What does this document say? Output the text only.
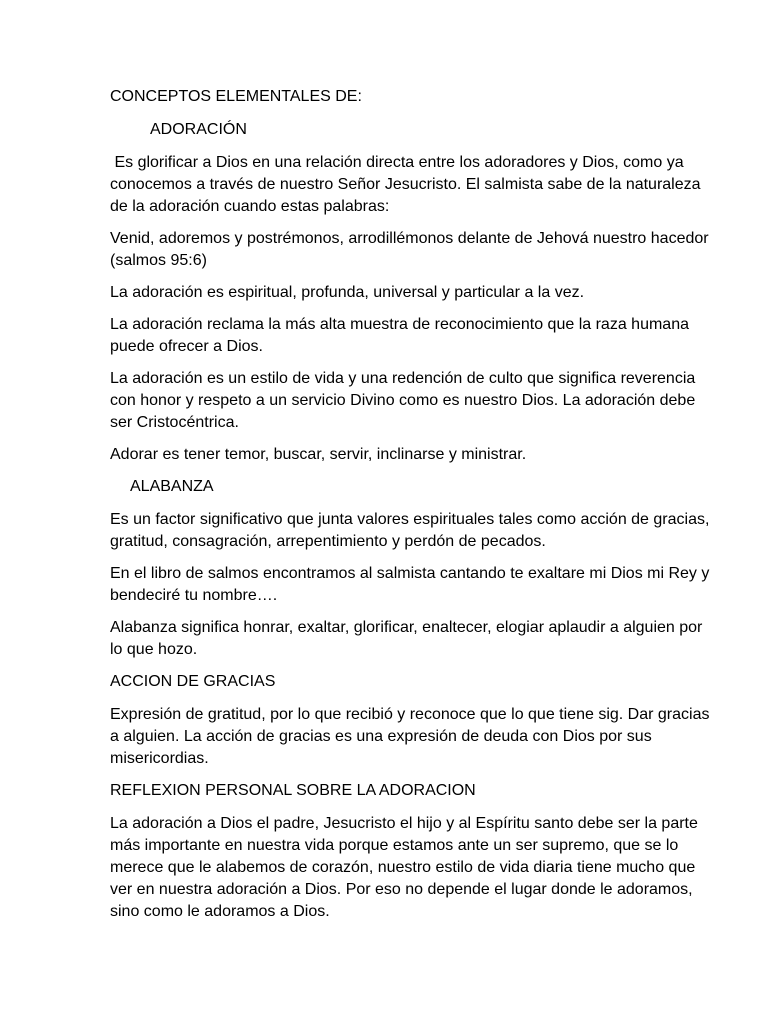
CONCEPTOS ELEMENTALES DE:
ADORACIÓN

Es glorificar a Dios en una relación directa entre los adoradores y Dios, como ya conocemos a través de nuestro Señor Jesucristo. El salmista sabe de la naturaleza de la adoración cuando estas palabras:

Venid, adoremos y postrémonos, arrodillémonos delante de Jehová nuestro hacedor (salmos 95:6)

La adoración es espiritual, profunda, universal y particular a la vez.

La adoración reclama la más alta muestra de reconocimiento que la raza humana puede ofrecer a Dios.

La adoración es un estilo de vida y una redención de culto que significa reverencia con honor y respeto a un servicio Divino como es nuestro Dios. La adoración debe ser Cristocéntrica.

Adorar es tener temor, buscar, servir, inclinarse y ministrar.

ALABANZA

Es un factor significativo que junta valores espirituales tales como acción de gracias, gratitud, consagración, arrepentimiento y perdón de pecados.

En el libro de salmos encontramos al salmista cantando te exaltare mi Dios mi Rey y bendeciré tu nombre….

Alabanza significa honrar, exaltar, glorificar, enaltecer, elogiar aplaudir a alguien por lo que hozo.

ACCION DE GRACIAS

Expresión de gratitud, por lo que recibió y reconoce que lo que tiene sig. Dar gracias a alguien. La acción de gracias es una expresión de deuda con Dios por sus misericordias.

REFLEXION PERSONAL SOBRE LA ADORACION

La adoración a Dios el padre, Jesucristo el hijo y al Espíritu santo debe ser la parte más importante en nuestra vida porque estamos ante un ser supremo, que se lo merece que le alabemos de corazón, nuestro estilo de vida diaria tiene mucho que ver en nuestra adoración a Dios. Por eso no depende el lugar donde le adoramos, sino como le adoramos a Dios.
